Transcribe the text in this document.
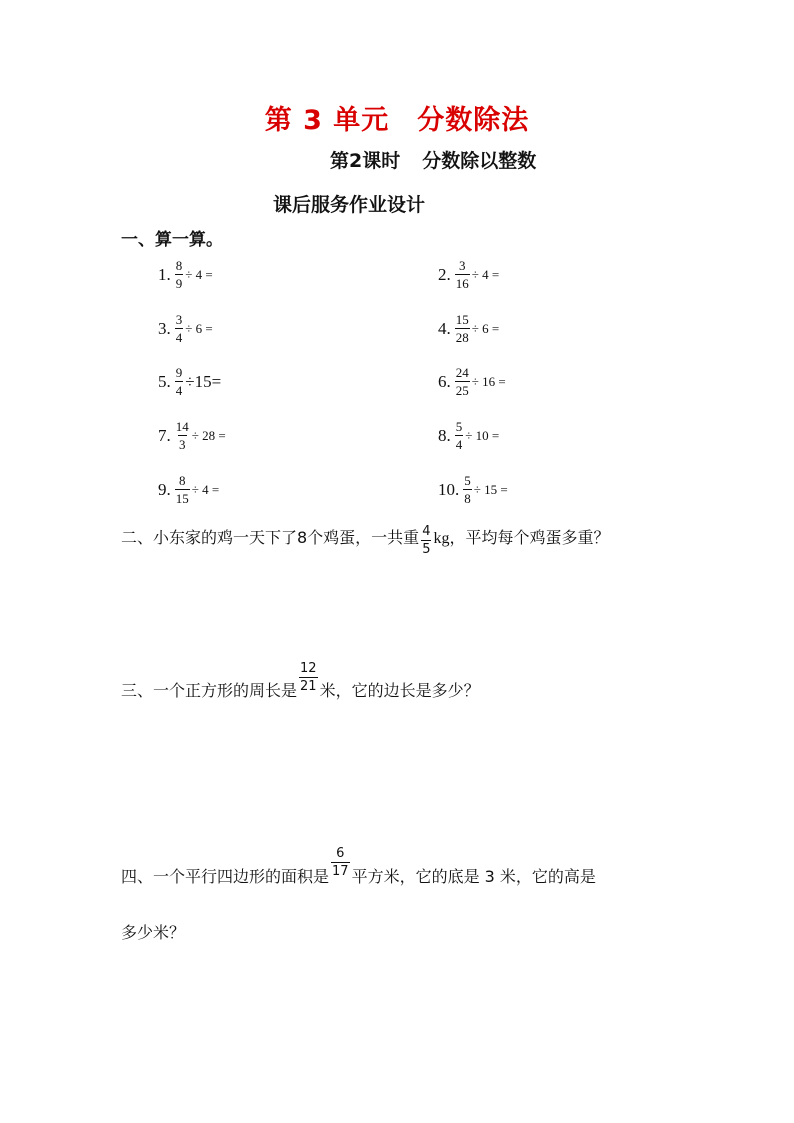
第 3 单元　分数除法
第2课时 分数除以整数
课后服务作业设计
一、算一算。
1. $\frac{8}{9} \div 4$ =	2. $\frac{3}{16} \div 4$ =
3. $\frac{3}{4} \div 6$ =	4. $\frac{15}{28} \div 6$ =
5. $\frac{9}{4} \div 15=$	6. $\frac{24}{25} \div 16$ =
7. $\frac{14}{3} \div 28$ =	8. $\frac{5}{4} \div 10$ =
9. $\frac{8}{15} \div 4$ =	10. $\frac{5}{8} \div 15$ =
二、小东家的鸡一天下了8个鸡蛋，一共重 $\frac{4}{5}$ kg ，平均每个鸡蛋多重？
三、一个正方形的周长是 $\frac{12}{21}$ 米，它的边长是多少？
四、一个平行四边形的面积是 $\frac{6}{17}$ 平方米，它的底是 3 米，它的高是
多少米？
